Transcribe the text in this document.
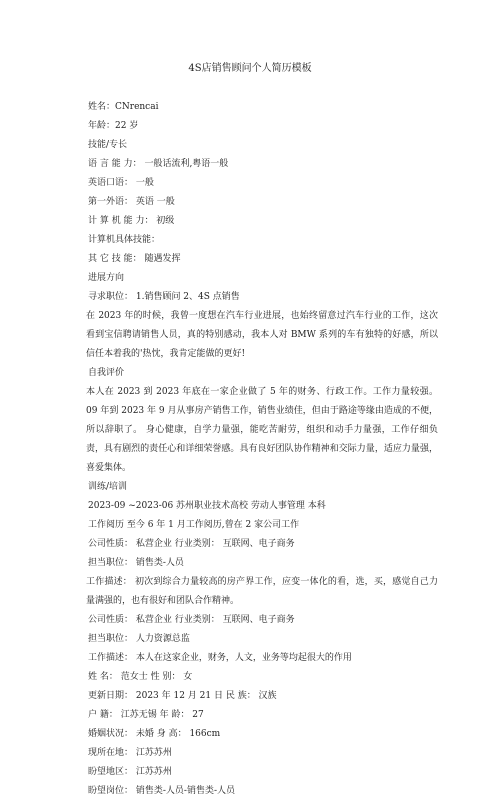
4S店销售顾问个人简历模板
姓名：CNrencai
年龄：22 岁
技能/专长
语 言 能 力： 一般话流利,粤语一般
英语口语： 一般
第一外语： 英语 一般
计 算 机 能 力： 初级
计算机具体技能：
其 它 技 能： 随遇发挥
进展方向
寻求职位： 1.销售顾问 2、4S 点销售
在 2023 年的时候，我曾一度想在汽车行业进展，也始终留意过汽车行业的工作，这次看到宝信聘请销售人员，真的特别感动，我本人对 BMW 系列的车有独特的好感，所以信任本着我的'热忱，我肯定能做的更好!
自我评价
本人在 2023 到 2023 年底在一家企业做了 5 年的财务、行政工作。工作力量较强。 09 年到 2023 年 9 月从事房产销售工作，销售业绩佳，但由于路途等缘由造成的不便，所以辞职了。 身心健康，自学力量强，能吃苦耐劳，组织和动手力量强，工作仔细负责，具有剧烈的责任心和详细荣誉感。具有良好团队协作精神和交际力量，适应力量强，喜爱集体。
训练/培训
2023-09 ~2023-06 苏州职业技术高校 劳动人事管理 本科
工作阅历 至今 6 年 1 月工作阅历,曾在 2 家公司工作
公司性质： 私营企业 行业类别： 互联网、电子商务
担当职位： 销售类-人员
工作描述： 初次到综合力量较高的房产界工作，应变一体化的看，选，买，感觉自己力量满强的，也有很好和团队合作精神。
公司性质： 私营企业 行业类别： 互联网、电子商务
担当职位： 人力资源总监
工作描述： 本人在这家企业，财务，人文，业务等均起很大的作用
姓 名： 范女士 性 别： 女
更新日期： 2023 年 12 月 21 日 民 族： 汉族
户 籍： 江苏无锡 年 龄： 27
婚姻状况： 未婚 身 高： 166cm
现所在地： 江苏苏州
盼望地区： 江苏苏州
盼望岗位： 销售类-人员-销售类-人员
